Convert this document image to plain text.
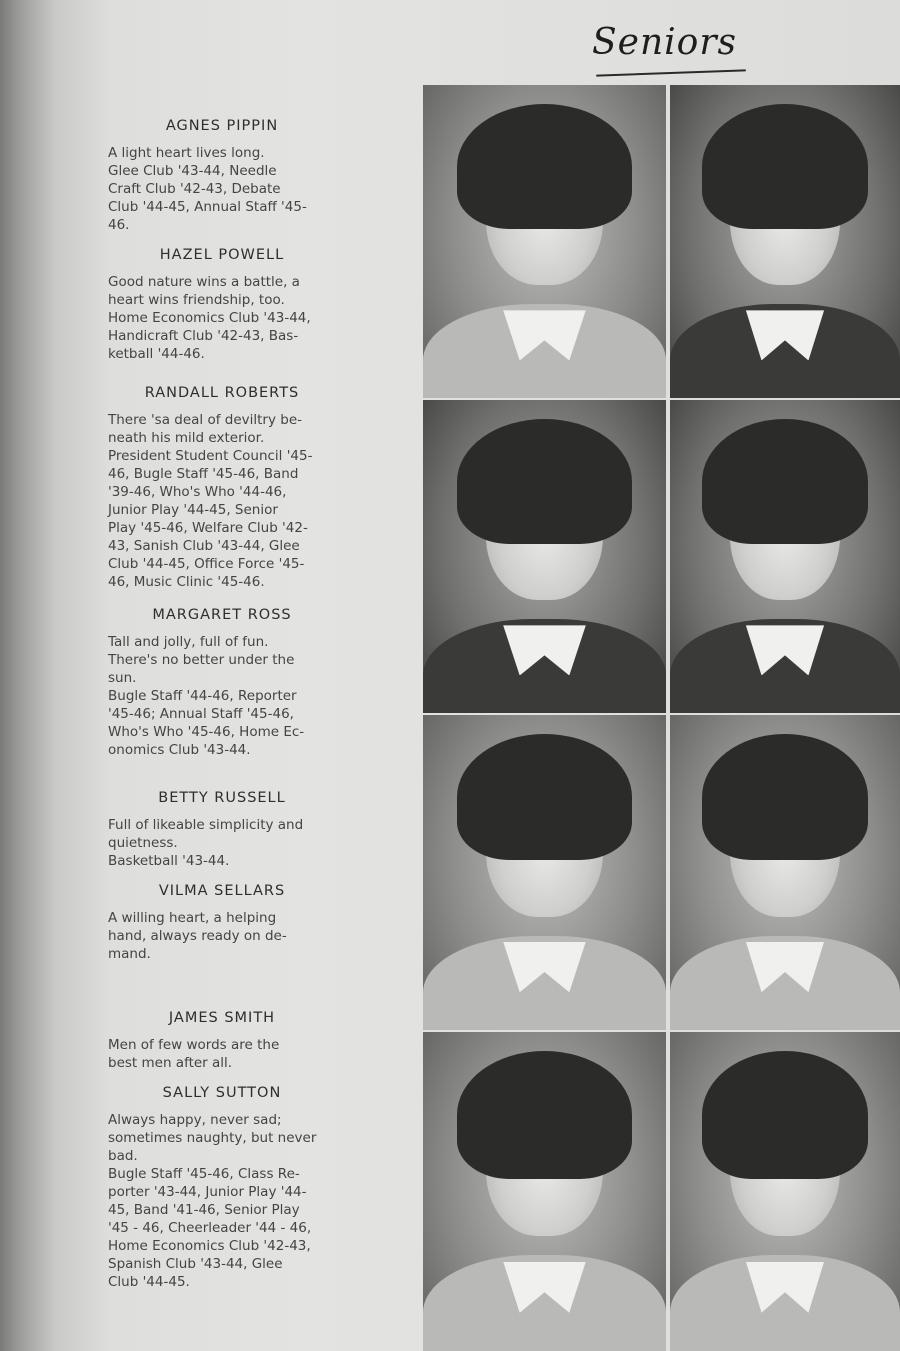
Seniors
AGNES PIPPIN
A light heart lives long.
Glee Club '43-44, Needle
Craft Club '42-43, Debate
Club '44-45, Annual Staff '45-
46.
HAZEL POWELL
Good nature wins a battle, a
heart wins friendship, too.
Home Economics Club '43-44,
Handicraft Club '42-43, Bas-
ketball '44-46.
RANDALL ROBERTS
There 'sa deal of deviltry be-
neath his mild exterior.
President Student Council '45-
46, Bugle Staff '45-46, Band
'39-46, Who's Who '44-46,
Junior Play '44-45, Senior
Play '45-46, Welfare Club '42-
43, Sanish Club '43-44, Glee
Club '44-45, Office Force '45-
46, Music Clinic '45-46.
MARGARET ROSS
Tall and jolly, full of fun.
There's no better under the
sun.
Bugle Staff '44-46, Reporter
'45-46; Annual Staff '45-46,
Who's Who '45-46, Home Ec-
onomics Club '43-44.
BETTY RUSSELL
Full of likeable simplicity and
quietness.
Basketball '43-44.
VILMA SELLARS
A willing heart, a helping
hand, always ready on de-
mand.
JAMES SMITH
Men of few words are the
best men after all.
SALLY SUTTON
Always happy, never sad;
sometimes naughty, but never
bad.
Bugle Staff '45-46, Class Re-
porter '43-44, Junior Play '44-
45, Band '41-46, Senior Play
'45 - 46, Cheerleader '44 - 46,
Home Economics Club '42-43,
Spanish Club '43-44, Glee
Club '44-45.
